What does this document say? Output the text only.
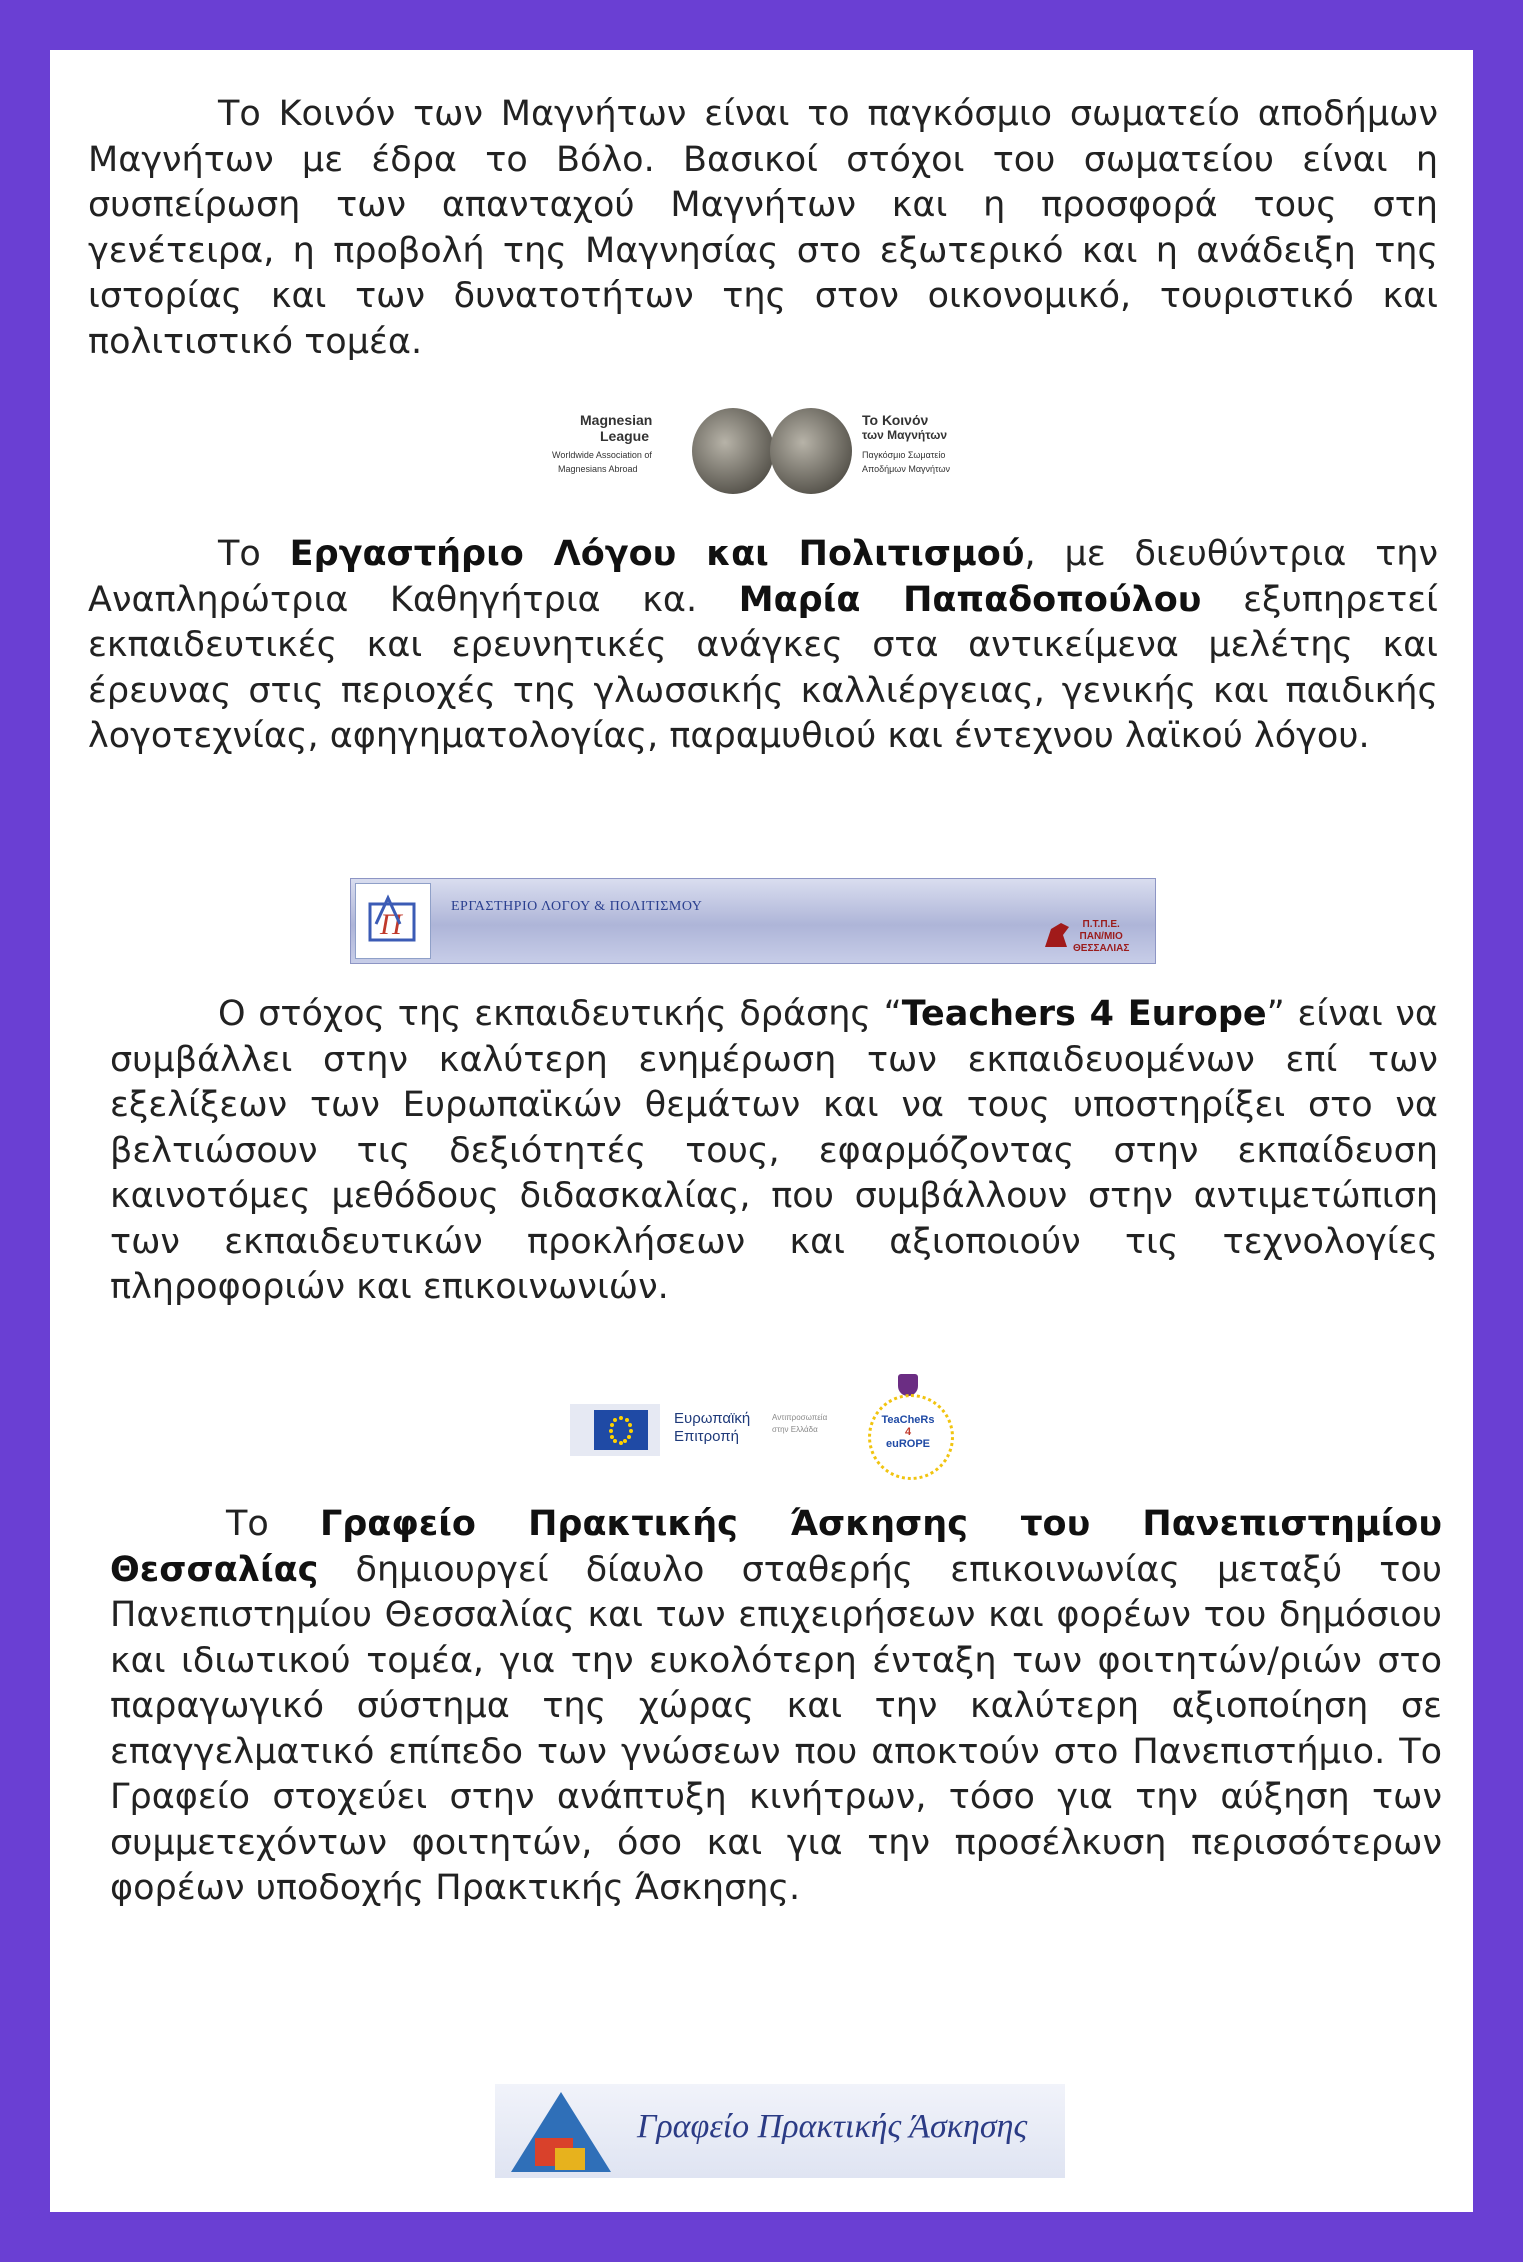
Το Κοινόν των Μαγνήτων είναι το παγκόσμιο σωματείο αποδήμων Μαγνήτων με έδρα το Βόλο. Βασικοί στόχοι του σωματείου είναι η συσπείρωση των απανταχού Μαγνήτων και η προσφορά τους στη γενέτειρα, η προβολή της Μαγνησίας στο εξωτερικό και η ανάδειξη της ιστορίας και των δυνατοτήτων της στον οικονομικό, τουριστικό και πολιτιστικό τομέα.

Magnesian
League
Worldwide Association of
Magnesians Abroad
Το Κοινόν
των Μαγνήτων
Παγκόσμιο Σωματείο
Αποδήμων Μαγνήτων

Το Εργαστήριο Λόγου και Πολιτισμού, με διευθύντρια την Αναπληρώτρια Καθηγήτρια κα. Μαρία Παπαδοπούλου εξυπηρετεί εκπαιδευτικές και ερευνητικές ανάγκες στα αντικείμενα μελέτης και έρευνας στις περιοχές της γλωσσικής καλλιέργειας, γενικής και παιδικής λογοτεχνίας, αφηγηματολογίας, παραμυθιού και έντεχνου λαϊκού λόγου.

Π
ΕΡΓΑΣΤΗΡΙΟ ΛΟΓΟΥ & ΠΟΛΙΤΙΣΜΟΥ
Π.Τ.Π.Ε.
ΠΑΝ/ΜΙΟ
ΘΕΣΣΑΛΙΑΣ

Ο στόχος της εκπαιδευτικής δράσης “Teachers 4 Europe” είναι να συμβάλλει στην καλύτερη ενημέρωση των εκπαιδευομένων επί των εξελίξεων των Ευρωπαϊκών θεμάτων και να τους υποστηρίξει στο να βελτιώσουν τις δεξιότητές τους, εφαρμόζοντας στην εκπαίδευση καινοτόμες μεθόδους διδασκαλίας, που συμβάλλουν στην αντιμετώπιση των εκπαιδευτικών προκλήσεων και αξιοποιούν τις τεχνολογίες πληροφοριών και επικοινωνιών.

Ευρωπαϊκή
Επιτροπή
Αντιπροσωπεία
στην Ελλάδα
TeaCheRs
4
euROPE

Το Γραφείο Πρακτικής Άσκησης του Πανεπιστημίου Θεσσαλίας δημιουργεί δίαυλο σταθερής επικοινωνίας μεταξύ του Πανεπιστημίου Θεσσαλίας και των επιχειρήσεων και φορέων του δημόσιου και ιδιωτικού τομέα, για την ευκολότερη ένταξη των φοιτητών/ριών στο παραγωγικό σύστημα της χώρας και την καλύτερη αξιοποίηση σε επαγγελματικό επίπεδο των γνώσεων που αποκτούν στο Πανεπιστήμιο. Το Γραφείο στοχεύει στην ανάπτυξη κινήτρων, τόσο για την αύξηση των συμμετεχόντων φοιτητών, όσο και για την προσέλκυση περισσότερων φορέων υποδοχής Πρακτικής Άσκησης.

Γραφείο Πρακτικής Άσκησης
